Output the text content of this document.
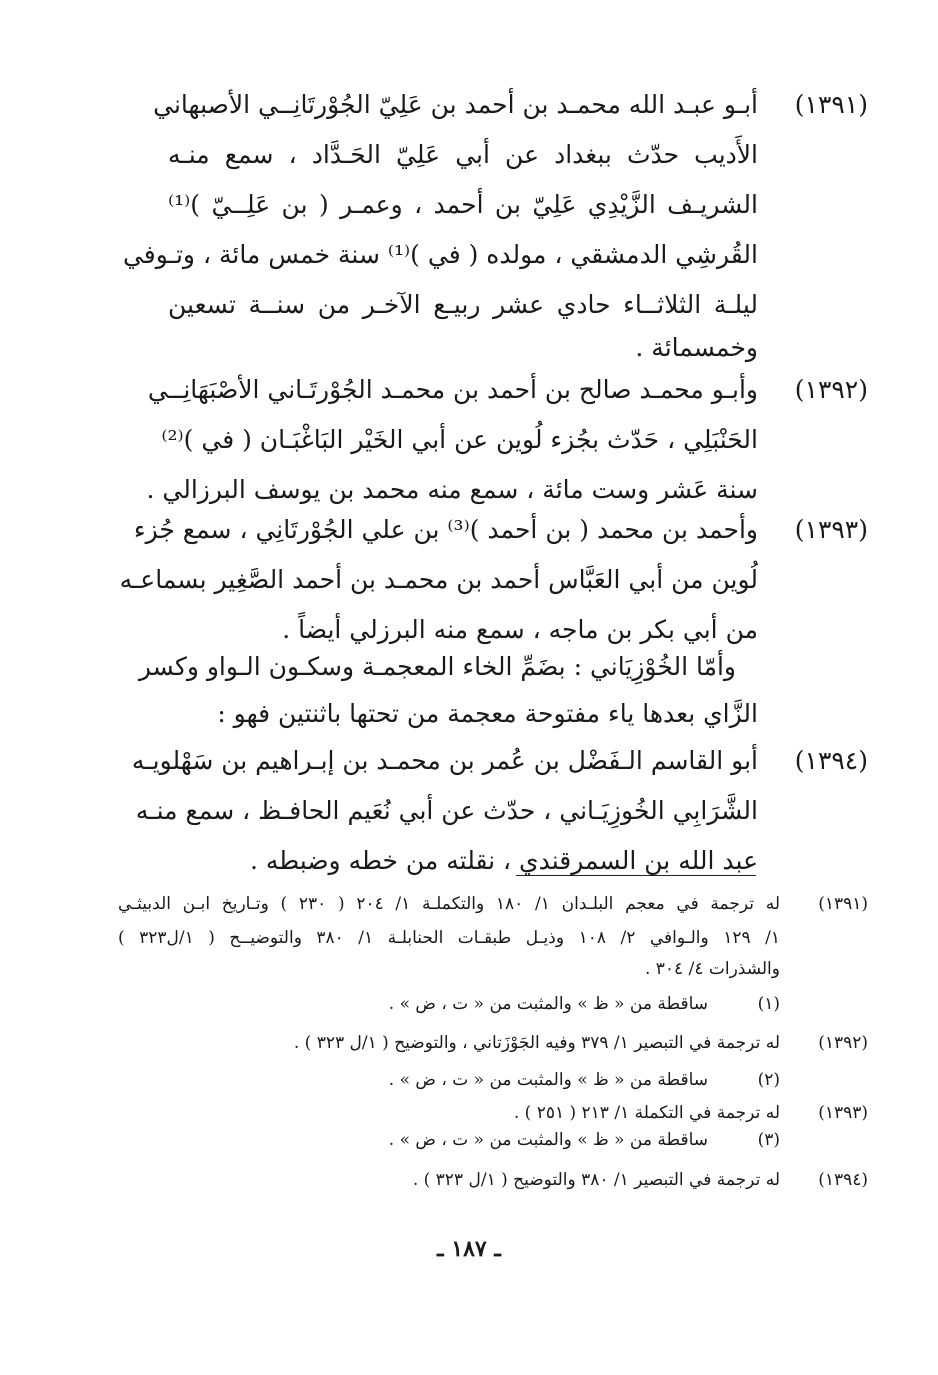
(١٣٩١)
أبـو عبـد الله محمـد بن أحمد بن عَلِيّ الجُوْرتَانِــي الأصبهاني
الأَديب حدّث ببغداد عن أبي عَلِيّ الحَـدَّاد ، سمع منـه
الشريـف الزَّيْدِي عَلِيّ بن أحمد ، وعمـر ( بن عَلِــيّ )⁽¹⁾
القُرشِي الدمشقي ، مولده ( في )⁽¹⁾ سنة خمس مائة ، وتـوفي
ليلـة الثلاثــاء حادي عشر ربيـع الآخـر من سنــة تسعين
وخمسمائة .
(١٣٩٢)
وأبـو محمـد صالح بن أحمد بن محمـد الجُوْرتَـاني الأصْبَهَانِــي
الحَنْبَلِي ، حَدّث بجُزء لُوين عن أبي الخَيْر البَاغْبَـان ( في )⁽²⁾
سنة عَشر وست مائة ، سمع منه محمد بن يوسف البرزالي .
(١٣٩٣)
وأحمد بن محمد ( بن أحمد )⁽³⁾ بن علي الجُوْرتَانِي ، سمع جُزء
لُوين من أبي العَبَّاس أحمد بن محمـد بن أحمد الصَّغِير بسماعـه
من أبي بكر بن ماجه ، سمع منه البرزلي أيضاً .
وأمّا الخُوْزِيَاني : بضَمِّ الخاء المعجمـة وسكـون الـواو وكسر
الزَّاي بعدها ياء مفتوحة معجمة من تحتها باثنتين فهو :
(١٣٩٤)
أبو القاسم الـفَضْل بن عُمر بن محمـد بن إبـراهيم بن سَهْلويـه
الشَّرَابِي الخُوزِيَـاني ، حدّث عن أبي نُعَيم الحافـظ ، سمع منـه
عبد الله بن السمرقندي ، نقلته من خطه وضبطه .
(١٣٩١)له ترجمة في معجم البلـدان ١/ ١٨٠ والتكملـة ١/ ٢٠٤ ( ٢٣٠ ) وتـاريخ ابـن الدبيثـي
١/ ١٢٩ والـوافي ٢/ ١٠٨ وذيـل طبقـات الحنابلـة ١/ ٣٨٠ والتوضيــح ( ١/ل٣٢٣ )
والشذرات ٤/ ٣٠٤ .
(١)ساقطة من « ظ » والمثبت من « ت ، ض » .
(١٣٩٢)له ترجمة في التبصير ١/ ٣٧٩ وفيه الجَوْزَتاني ، والتوضيح ( ١/ل ٣٢٣ ) .
(٢)ساقطة من « ظ » والمثبت من « ت ، ض » .
(١٣٩٣)له ترجمة في التكملة ١/ ٢١٣ ( ٢٥١ ) .
(٣)ساقطة من « ظ » والمثبت من « ت ، ض » .
(١٣٩٤)له ترجمة في التبصير ١/ ٣٨٠ والتوضيح ( ١/ل ٣٢٣ ) .
ـ ١٨٧ ـ
